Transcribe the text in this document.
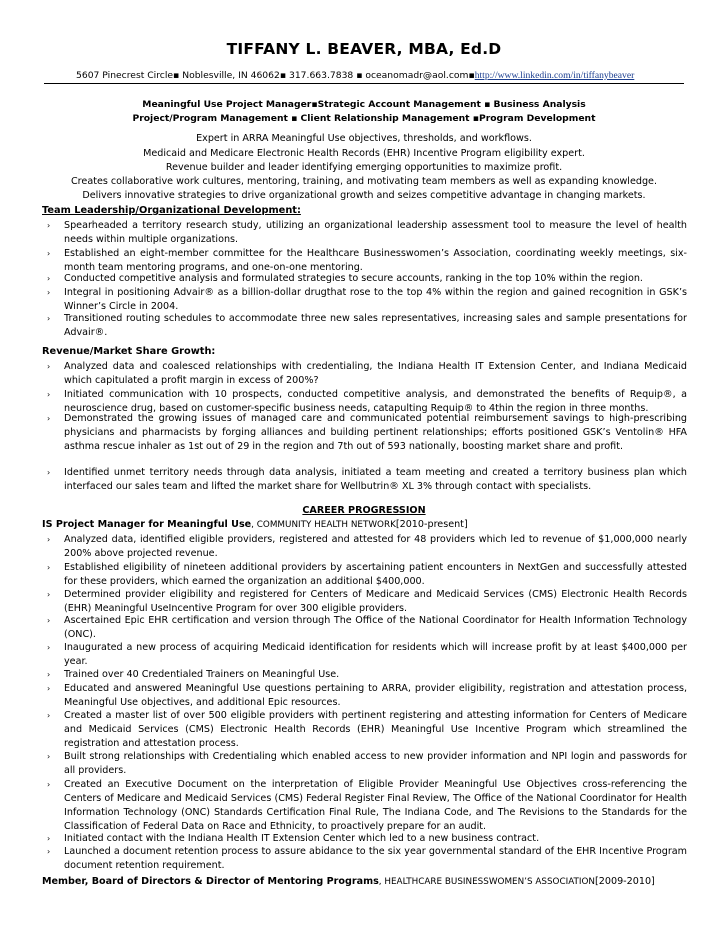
TIFFANY L. BEAVER, MBA, Ed.D
5607 Pinecrest Circle▪ Noblesville, IN 46062▪ 317.663.7838 ▪ oceanomadr@aol.com▪http://www.linkedin.com/in/tiffanybeaver
Meaningful Use Project Manager▪Strategic Account Management ▪ Business Analysis
Project/Program Management ▪ Client Relationship Management ▪Program Development
Expert in ARRA Meaningful Use objectives, thresholds, and workflows.
Medicaid and Medicare Electronic Health Records (EHR) Incentive Program eligibility expert.
Revenue builder and leader identifying emerging opportunities to maximize profit.
Creates collaborative work cultures, mentoring, training, and motivating team members as well as expanding knowledge.
Delivers innovative strategies to drive organizational growth and seizes competitive advantage in changing markets.
Team Leadership/Organizational Development:
› Spearheaded a territory research study, utilizing an organizational leadership assessment tool to measure the level of health needs within multiple organizations.
› Established an eight-member committee for the Healthcare Businesswomen’s Association, coordinating weekly meetings, six-month team mentoring programs, and one-on-one mentoring.
› Conducted competitive analysis and formulated strategies to secure accounts, ranking in the top 10% within the region.
› Integral in positioning Advair® as a billion-dollar drugthat rose to the top 4% within the region and gained recognition in GSK’s Winner’s Circle in 2004.
› Transitioned routing schedules to accommodate three new sales representatives, increasing sales and sample presentations for Advair®.
Revenue/Market Share Growth:
› Analyzed data and coalesced relationships with credentialing, the Indiana Health IT Extension Center, and Indiana Medicaid which capitulated a profit margin in excess of 200%?
› Initiated communication with 10 prospects, conducted competitive analysis, and demonstrated the benefits of Requip®, a neuroscience drug, based on customer-specific business needs, catapulting Requip® to 4thin the region in three months.
› Demonstrated the growing issues of managed care and communicated potential reimbursement savings to high-prescribing physicians and pharmacists by forging alliances and building pertinent relationships; efforts positioned GSK’s Ventolin® HFA asthma rescue inhaler as 1st out of 29 in the region and 7th out of 593 nationally, boosting market share and profit.
› Identified unmet territory needs through data analysis, initiated a team meeting and created a territory business plan which interfaced our sales team and lifted the market share for Wellbutrin® XL 3% through contact with specialists.
CAREER PROGRESSION
IS Project Manager for Meaningful Use, COMMUNITY HEALTH NETWORK[2010-present]
› Analyzed data, identified eligible providers, registered and attested for 48 providers which led to revenue of $1,000,000 nearly 200% above projected revenue.
› Established eligibility of nineteen additional providers by ascertaining patient encounters in NextGen and successfully attested for these providers, which earned the organization an additional $400,000.
› Determined provider eligibility and registered for Centers of Medicare and Medicaid Services (CMS) Electronic Health Records (EHR) Meaningful UseIncentive Program for over 300 eligible providers.
› Ascertained Epic EHR certification and version through The Office of the National Coordinator for Health Information Technology (ONC).
› Inaugurated a new process of acquiring Medicaid identification for residents which will increase profit by at least $400,000 per year.
› Trained over 40 Credentialed Trainers on Meaningful Use.
› Educated and answered Meaningful Use questions pertaining to ARRA, provider eligibility, registration and attestation process, Meaningful Use objectives, and additional Epic resources.
› Created a master list of over 500 eligible providers with pertinent registering and attesting information for Centers of Medicare and Medicaid Services (CMS) Electronic Health Records (EHR) Meaningful Use Incentive Program which streamlined the registration and attestation process.
› Built strong relationships with Credentialing which enabled access to new provider information and NPI login and passwords for all providers.
› Created an Executive Document on the interpretation of Eligible Provider Meaningful Use Objectives cross-referencing the Centers of Medicare and Medicaid Services (CMS) Federal Register Final Review, The Office of the National Coordinator for Health Information Technology (ONC) Standards Certification Final Rule, The Indiana Code, and The Revisions to the Standards for the Classification of Federal Data on Race and Ethnicity, to proactively prepare for an audit.
› Initiated contact with the Indiana Health IT Extension Center which led to a new business contract.
› Launched a document retention process to assure abidance to the six year governmental standard of the EHR Incentive Program document retention requirement.
Member, Board of Directors & Director of Mentoring Programs, HEALTHCARE BUSINESSWOMEN’S ASSOCIATION[2009-2010]
